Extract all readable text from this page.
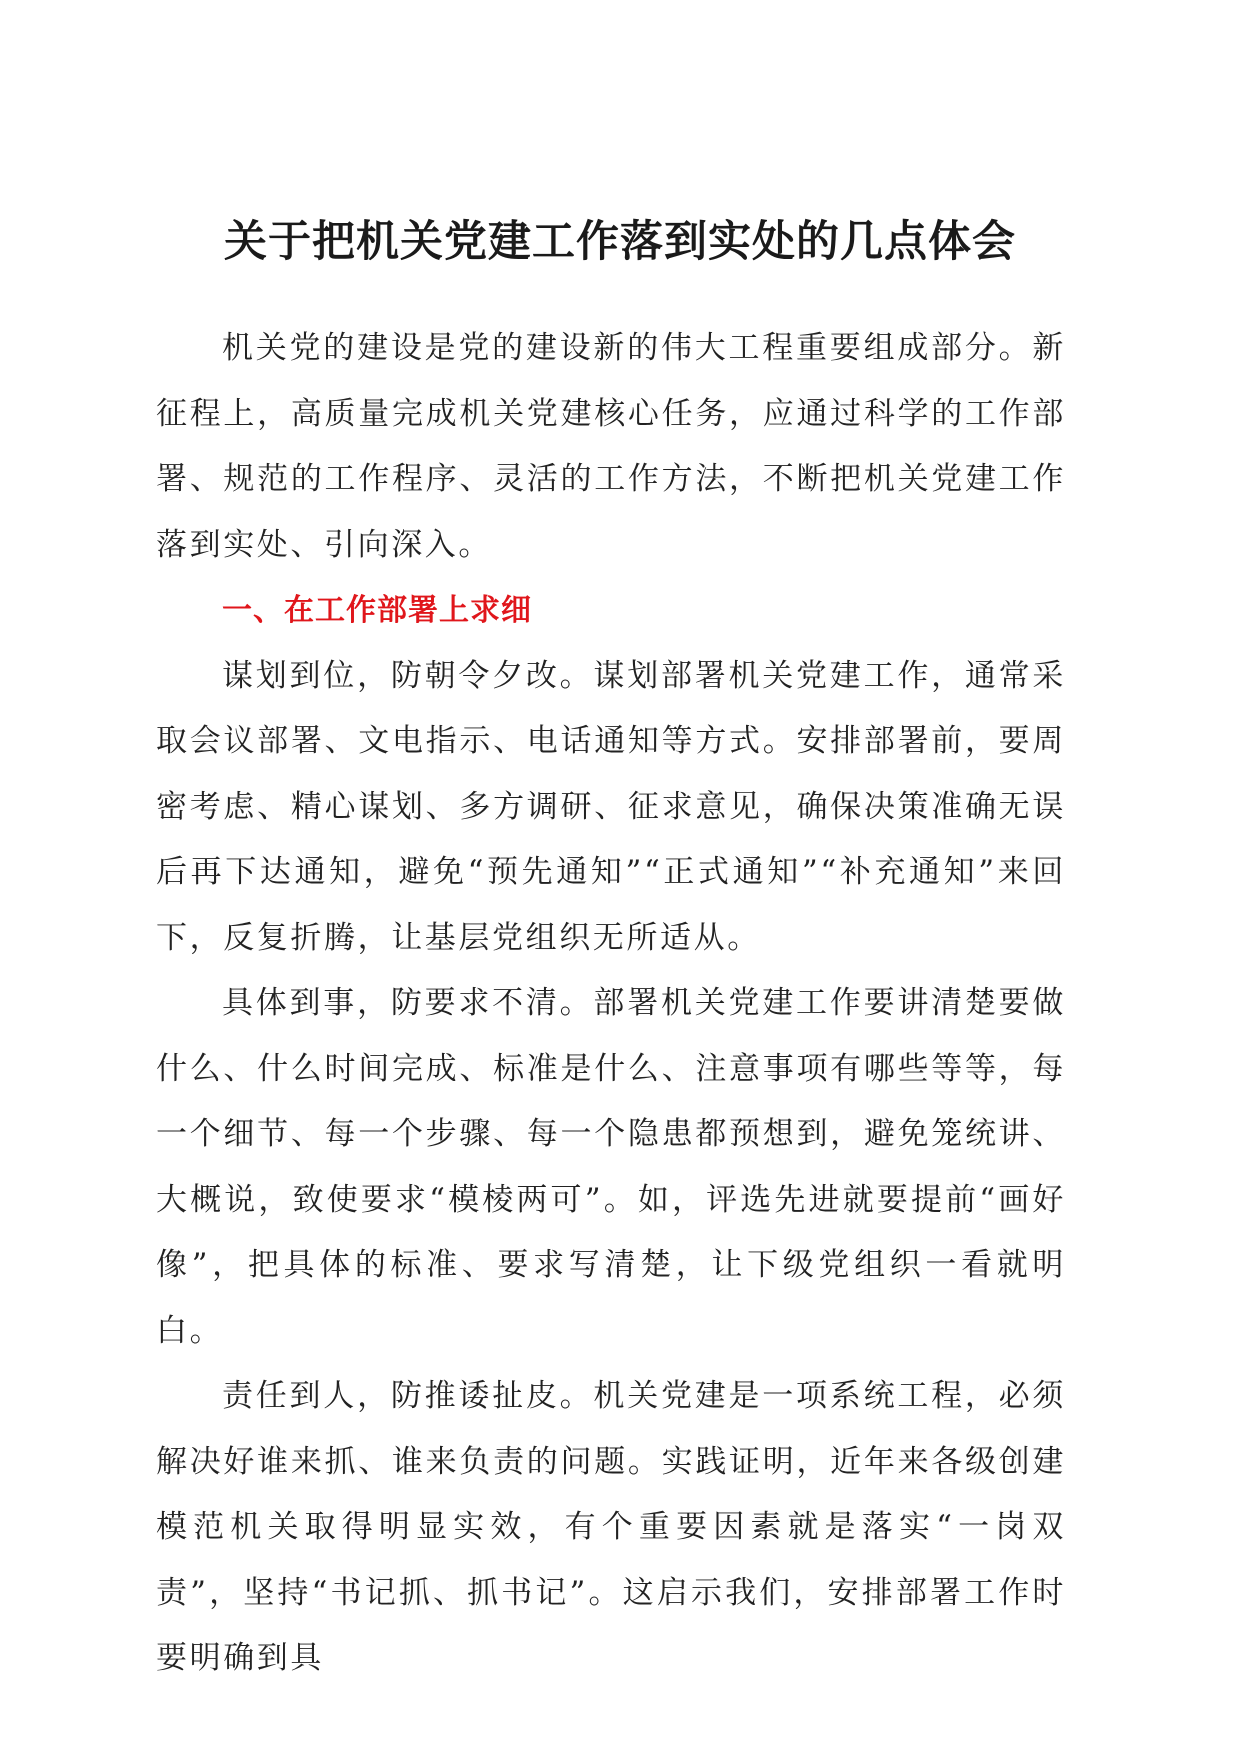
关于把机关党建工作落到实处的几点体会

机关党的建设是党的建设新的伟大工程重要组成部分。新征程上，高质量完成机关党建核心任务，应通过科学的工作部署、规范的工作程序、灵活的工作方法，不断把机关党建工作落到实处、引向深入。

一、在工作部署上求细

谋划到位，防朝令夕改。谋划部署机关党建工作，通常采取会议部署、文电指示、电话通知等方式。安排部署前，要周密考虑、精心谋划、多方调研、征求意见，确保决策准确无误后再下达通知，避免“预先通知”“正式通知”“补充通知”来回下，反复折腾，让基层党组织无所适从。

具体到事，防要求不清。部署机关党建工作要讲清楚要做什么、什么时间完成、标准是什么、注意事项有哪些等等，每一个细节、每一个步骤、每一个隐患都预想到，避免笼统讲、大概说，致使要求“模棱两可”。如，评选先进就要提前“画好像”，把具体的标准、要求写清楚，让下级党组织一看就明白。

责任到人，防推诿扯皮。机关党建是一项系统工程，必须解决好谁来抓、谁来负责的问题。实践证明，近年来各级创建模范机关取得明显实效，有个重要因素就是落实“一岗双责”，坚持“书记抓、抓书记”。这启示我们，安排部署工作时要明确到具
